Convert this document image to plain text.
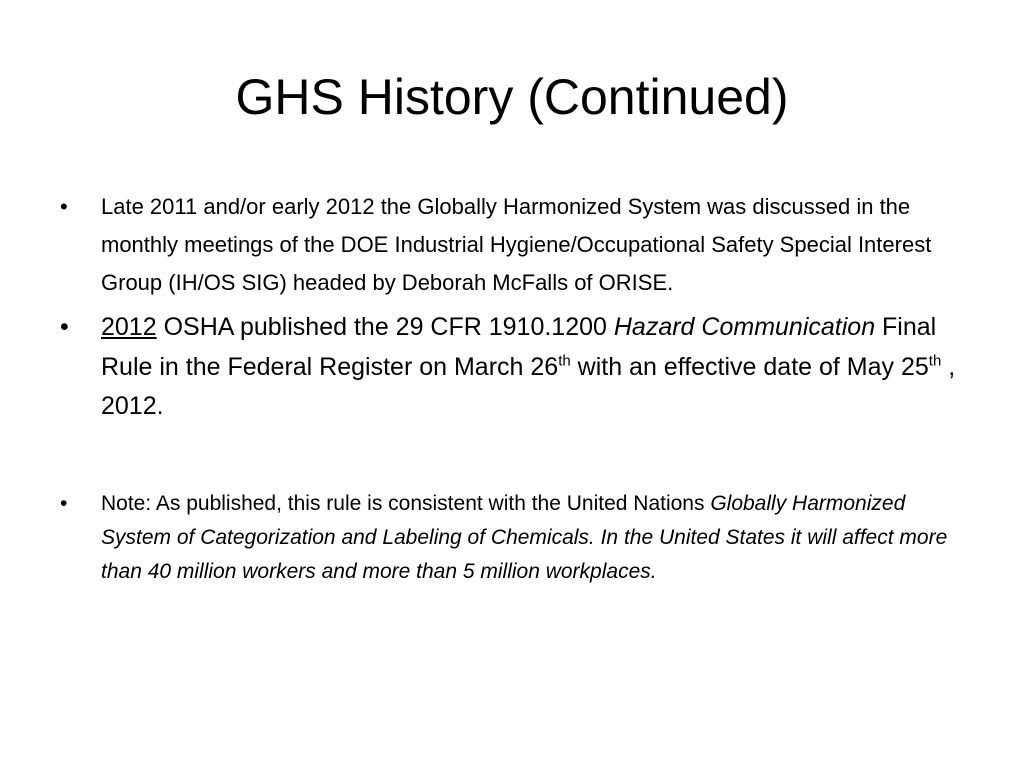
GHS History (Continued)
• Late 2011 and/or early 2012 the Globally Harmonized System was discussed in the monthly meetings of the DOE Industrial Hygiene/Occupational Safety Special Interest Group (IH/OS SIG) headed by Deborah McFalls of ORISE.
• 2012 OSHA published the 29 CFR 1910.1200 Hazard Communication Final Rule in the Federal Register on March 26th with an effective date of May 25th , 2012.
• Note: As published, this rule is consistent with the United Nations Globally Harmonized System of Categorization and Labeling of Chemicals. In the United States it will affect more than 40 million workers and more than 5 million workplaces.
